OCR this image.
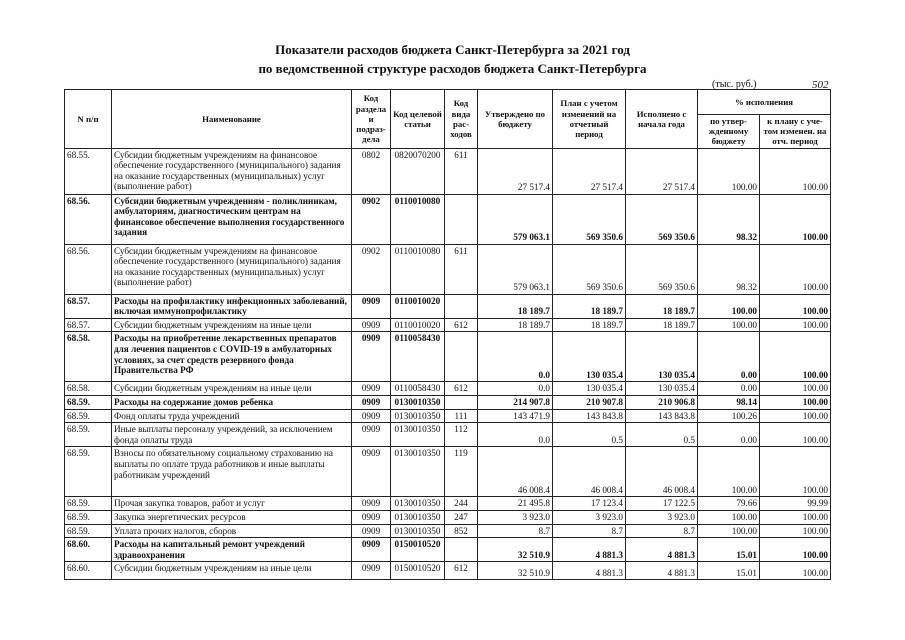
Показатели расходов бюджета Санкт-Петербурга за 2021 год
по ведомственной структуре расходов бюджета Санкт-Петербурга
(тыс. руб.)	502
N п/п	Наименование	Код раздела и подраз-дела	Код целевой статьи	Код вида рас-ходов	Утверждено по бюджету	План с учетом изменений на отчетный период	Исполнено с начала года	% исполнения	
								по утвер-жденному бюджету	к плану с уче-том изменен. на отч. период
68.55.	Субсидии бюджетным учреждениям на финансовое обеспечение государственного (муниципального) задания на оказание государственных (муниципальных) услуг (выполнение работ)	0802	0820070200	611	27 517.4	27 517.4	27 517.4	100.00	100.00
68.56.	Субсидии бюджетным учреждениям - поликлиникам, амбулаториям, диагностическим центрам на финансовое обеспечение выполнения государственного задания	0902	0110010080		579 063.1	569 350.6	569 350.6	98.32	100.00
68.56.	Субсидии бюджетным учреждениям на финансовое обеспечение государственного (муниципального) задания на оказание государственных (муниципальных) услуг (выполнение работ)	0902	0110010080	611	579 063.1	569 350.6	569 350.6	98.32	100.00
68.57.	Расходы на профилактику инфекционных заболеваний, включая иммунопрофилактику	0909	0110010020		18 189.7	18 189.7	18 189.7	100.00	100.00
68.57.	Субсидии бюджетным учреждениям на иные цели	0909	0110010020	612	18 189.7	18 189.7	18 189.7	100.00	100.00
68.58.	Расходы на приобретение лекарственных препаратов для лечения пациентов с COVID-19 в амбулаторных условиях, за счет средств резервного фонда Правительства РФ	0909	0110058430		0.0	130 035.4	130 035.4	0.00	100.00
68.58.	Субсидии бюджетным учреждениям на иные цели	0909	0110058430	612	0.0	130 035.4	130 035.4	0.00	100.00
68.59.	Расходы на содержание домов ребенка	0909	0130010350		214 907.8	210 907.8	210 906.8	98.14	100.00
68.59.	Фонд оплаты труда учреждений	0909	0130010350	111	143 471.9	143 843.8	143 843.8	100.26	100.00
68.59.	Иные выплаты персоналу учреждений, за исключением фонда оплаты труда	0909	0130010350	112	0.0	0.5	0.5	0.00	100.00
68.59.	Взносы по обязательному социальному страхованию на выплаты по оплате труда работников и иные выплаты работникам учреждений	0909	0130010350	119	46 008.4	46 008.4	46 008.4	100.00	100.00
68.59.	Прочая закупка товаров, работ и услуг	0909	0130010350	244	21 495.8	17 123.4	17 122.5	79.66	99.99
68.59.	Закупка энергетических ресурсов	0909	0130010350	247	3 923.0	3 923.0	3 923.0	100.00	100.00
68.59.	Уплата прочих налогов, сборов	0909	0130010350	852	8.7	8.7	8.7	100.00	100.00
68.60.	Расходы на капитальный ремонт учреждений здравоохранения	0909	0150010520		32 510.9	4 881.3	4 881.3	15.01	100.00
68.60.	Субсидии бюджетным учреждениям на иные цели	0909	0150010520	612	32 510.9	4 881.3	4 881.3	15.01	100.00
